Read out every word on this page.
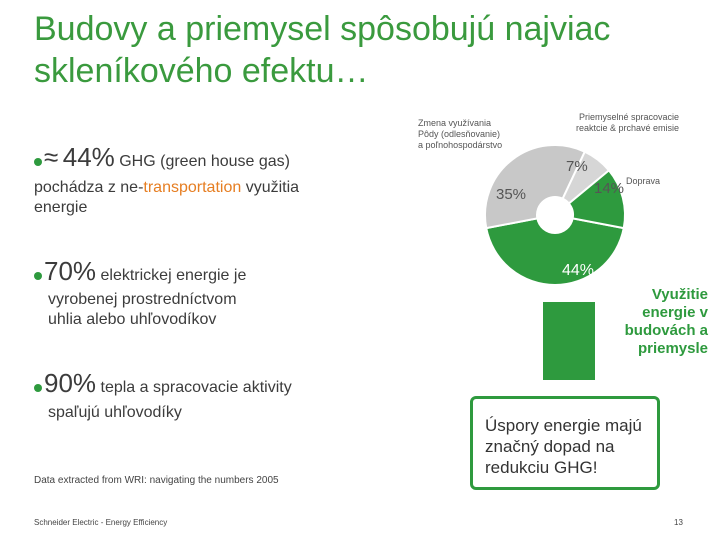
Budovy a priemysel spôsobujú najviac skleníkového efektu…
≈ 44% GHG (green house gas)
pochádza z ne-transportation využitia
energie
70% elektrickej energie je
vyrobenej prostredníctvom
uhlia alebo uhľovodíkov
90% tepla a spracovacie aktivity
spaľujú uhľovodíky
Data extracted from WRI: navigating the numbers 2005
Schneider Electric - Energy Efficiency	13
Zmena využívania
Pôdy (odlesňovanie)
a poľnohospodárstvo
Priemyselné spracovacie
reaktcie & prchavé emisie
Doprava
35%
7%
14%
44%
Využitie energie v budovách a priemysle
Úspory energie majú značný dopad na redukciu GHG!
